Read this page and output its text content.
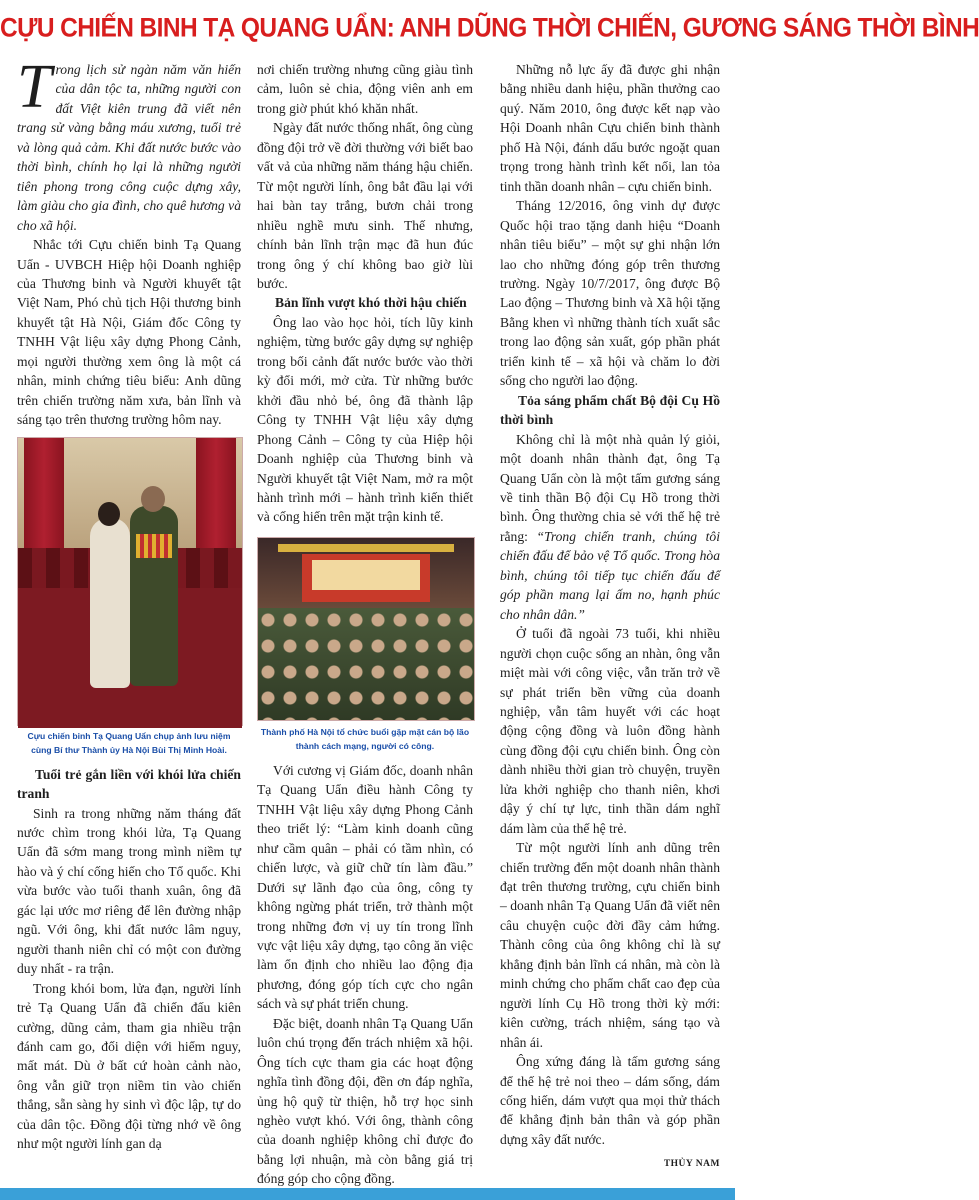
CỰU CHIẾN BINH TẠ QUANG UẨN: ANH DŨNG THỜI CHIẾN, GƯƠNG SÁNG THỜI BÌNH

Trong lịch sử ngàn năm văn hiến của dân tộc ta, những người con đất Việt kiên trung đã viết nên trang sử vàng bằng máu xương, tuổi trẻ và lòng quả cảm. Khi đất nước bước vào thời bình, chính họ lại là những người tiên phong trong công cuộc dựng xây, làm giàu cho gia đình, cho quê hương và cho xã hội.

Nhắc tới Cựu chiến binh Tạ Quang Uẩn - UVBCH Hiệp hội Doanh nghiệp của Thương binh và Người khuyết tật Việt Nam, Phó chủ tịch Hội thương binh khuyết tật Hà Nội, Giám đốc Công ty TNHH Vật liệu xây dựng Phong Cảnh, mọi người thường xem ông là một cá nhân, minh chứng tiêu biểu: Anh dũng trên chiến trường năm xưa, bản lĩnh và sáng tạo trên thương trường hôm nay.

Cựu chiến binh Tạ Quang Uẩn chụp ảnh lưu niệm cùng Bí thư Thành ủy Hà Nội Bùi Thị Minh Hoài.

Tuổi trẻ gắn liền với khói lửa chiến tranh

Sinh ra trong những năm tháng đất nước chìm trong khói lửa, Tạ Quang Uẩn đã sớm mang trong mình niềm tự hào và ý chí cống hiến cho Tổ quốc. Khi vừa bước vào tuổi thanh xuân, ông đã gác lại ước mơ riêng để lên đường nhập ngũ. Với ông, khi đất nước lâm nguy, người thanh niên chỉ có một con đường duy nhất - ra trận.

Trong khói bom, lửa đạn, người lính trẻ Tạ Quang Uẩn đã chiến đấu kiên cường, dũng cảm, tham gia nhiều trận đánh cam go, đối diện với hiểm nguy, mất mát. Dù ở bất cứ hoàn cảnh nào, ông vẫn giữ trọn niềm tin vào chiến thắng, sẵn sàng hy sinh vì độc lập, tự do của dân tộc. Đồng đội từng nhớ về ông như một người lính gan dạ

nơi chiến trường nhưng cũng giàu tình cảm, luôn sẻ chia, động viên anh em trong giờ phút khó khăn nhất.

Ngày đất nước thống nhất, ông cùng đồng đội trở về đời thường với biết bao vất vả của những năm tháng hậu chiến. Từ một người lính, ông bắt đầu lại với hai bàn tay trắng, bươn chải trong nhiều nghề mưu sinh. Thế nhưng, chính bản lĩnh trận mạc đã hun đúc trong ông ý chí không bao giờ lùi bước.

Bản lĩnh vượt khó thời hậu chiến

Ông lao vào học hỏi, tích lũy kinh nghiệm, từng bước gây dựng sự nghiệp trong bối cảnh đất nước bước vào thời kỳ đổi mới, mở cửa. Từ những bước khởi đầu nhỏ bé, ông đã thành lập Công ty TNHH Vật liệu xây dựng Phong Cảnh – Công ty của Hiệp hội Doanh nghiệp của Thương binh và Người khuyết tật Việt Nam, mở ra một hành trình mới – hành trình kiến thiết và cống hiến trên mặt trận kinh tế.

Thành phố Hà Nội tổ chức buổi gặp mặt cán bộ lão thành cách mạng, người có công.

Với cương vị Giám đốc, doanh nhân Tạ Quang Uẩn điều hành Công ty TNHH Vật liệu xây dựng Phong Cảnh theo triết lý: “Làm kinh doanh cũng như cầm quân – phải có tầm nhìn, có chiến lược, và giữ chữ tín làm đầu.” Dưới sự lãnh đạo của ông, công ty không ngừng phát triển, trở thành một trong những đơn vị uy tín trong lĩnh vực vật liệu xây dựng, tạo công ăn việc làm ổn định cho nhiều lao động địa phương, đóng góp tích cực cho ngân sách và sự phát triển chung.

Đặc biệt, doanh nhân Tạ Quang Uẩn luôn chú trọng đến trách nhiệm xã hội. Ông tích cực tham gia các hoạt động nghĩa tình đồng đội, đền ơn đáp nghĩa, ủng hộ quỹ từ thiện, hỗ trợ học sinh nghèo vượt khó. Với ông, thành công của doanh nghiệp không chỉ được đo bằng lợi nhuận, mà còn bằng giá trị đóng góp cho cộng đồng.

Những nỗ lực ấy đã được ghi nhận bằng nhiều danh hiệu, phần thưởng cao quý. Năm 2010, ông được kết nạp vào Hội Doanh nhân Cựu chiến binh thành phố Hà Nội, đánh dấu bước ngoặt quan trọng trong hành trình kết nối, lan tỏa tinh thần doanh nhân – cựu chiến binh.

Tháng 12/2016, ông vinh dự được Quốc hội trao tặng danh hiệu “Doanh nhân tiêu biểu” – một sự ghi nhận lớn lao cho những đóng góp trên thương trường. Ngày 10/7/2017, ông được Bộ Lao động – Thương binh và Xã hội tặng Bằng khen vì những thành tích xuất sắc trong lao động sản xuất, góp phần phát triển kinh tế – xã hội và chăm lo đời sống cho người lao động.

Tỏa sáng phẩm chất Bộ đội Cụ Hồ thời bình

Không chỉ là một nhà quản lý giỏi, một doanh nhân thành đạt, ông Tạ Quang Uẩn còn là một tấm gương sáng về tinh thần Bộ đội Cụ Hồ trong thời bình. Ông thường chia sẻ với thế hệ trẻ rằng: “Trong chiến tranh, chúng tôi chiến đấu để bảo vệ Tổ quốc. Trong hòa bình, chúng tôi tiếp tục chiến đấu để góp phần mang lại ấm no, hạnh phúc cho nhân dân.”

Ở tuổi đã ngoài 73 tuổi, khi nhiều người chọn cuộc sống an nhàn, ông vẫn miệt mài với công việc, vẫn trăn trở về sự phát triển bền vững của doanh nghiệp, vẫn tâm huyết với các hoạt động cộng đồng và luôn đồng hành cùng đồng đội cựu chiến binh. Ông còn dành nhiều thời gian trò chuyện, truyền lửa khởi nghiệp cho thanh niên, khơi dậy ý chí tự lực, tinh thần dám nghĩ dám làm của thế hệ trẻ.

Từ một người lính anh dũng trên chiến trường đến một doanh nhân thành đạt trên thương trường, cựu chiến binh – doanh nhân Tạ Quang Uẩn đã viết nên câu chuyện cuộc đời đầy cảm hứng. Thành công của ông không chỉ là sự khẳng định bản lĩnh cá nhân, mà còn là minh chứng cho phẩm chất cao đẹp của người lính Cụ Hồ trong thời kỳ mới: kiên cường, trách nhiệm, sáng tạo và nhân ái.

Ông xứng đáng là tấm gương sáng để thế hệ trẻ noi theo – dám sống, dám cống hiến, dám vượt qua mọi thử thách để khẳng định bản thân và góp phần dựng xây đất nước.

THỦY NAM
